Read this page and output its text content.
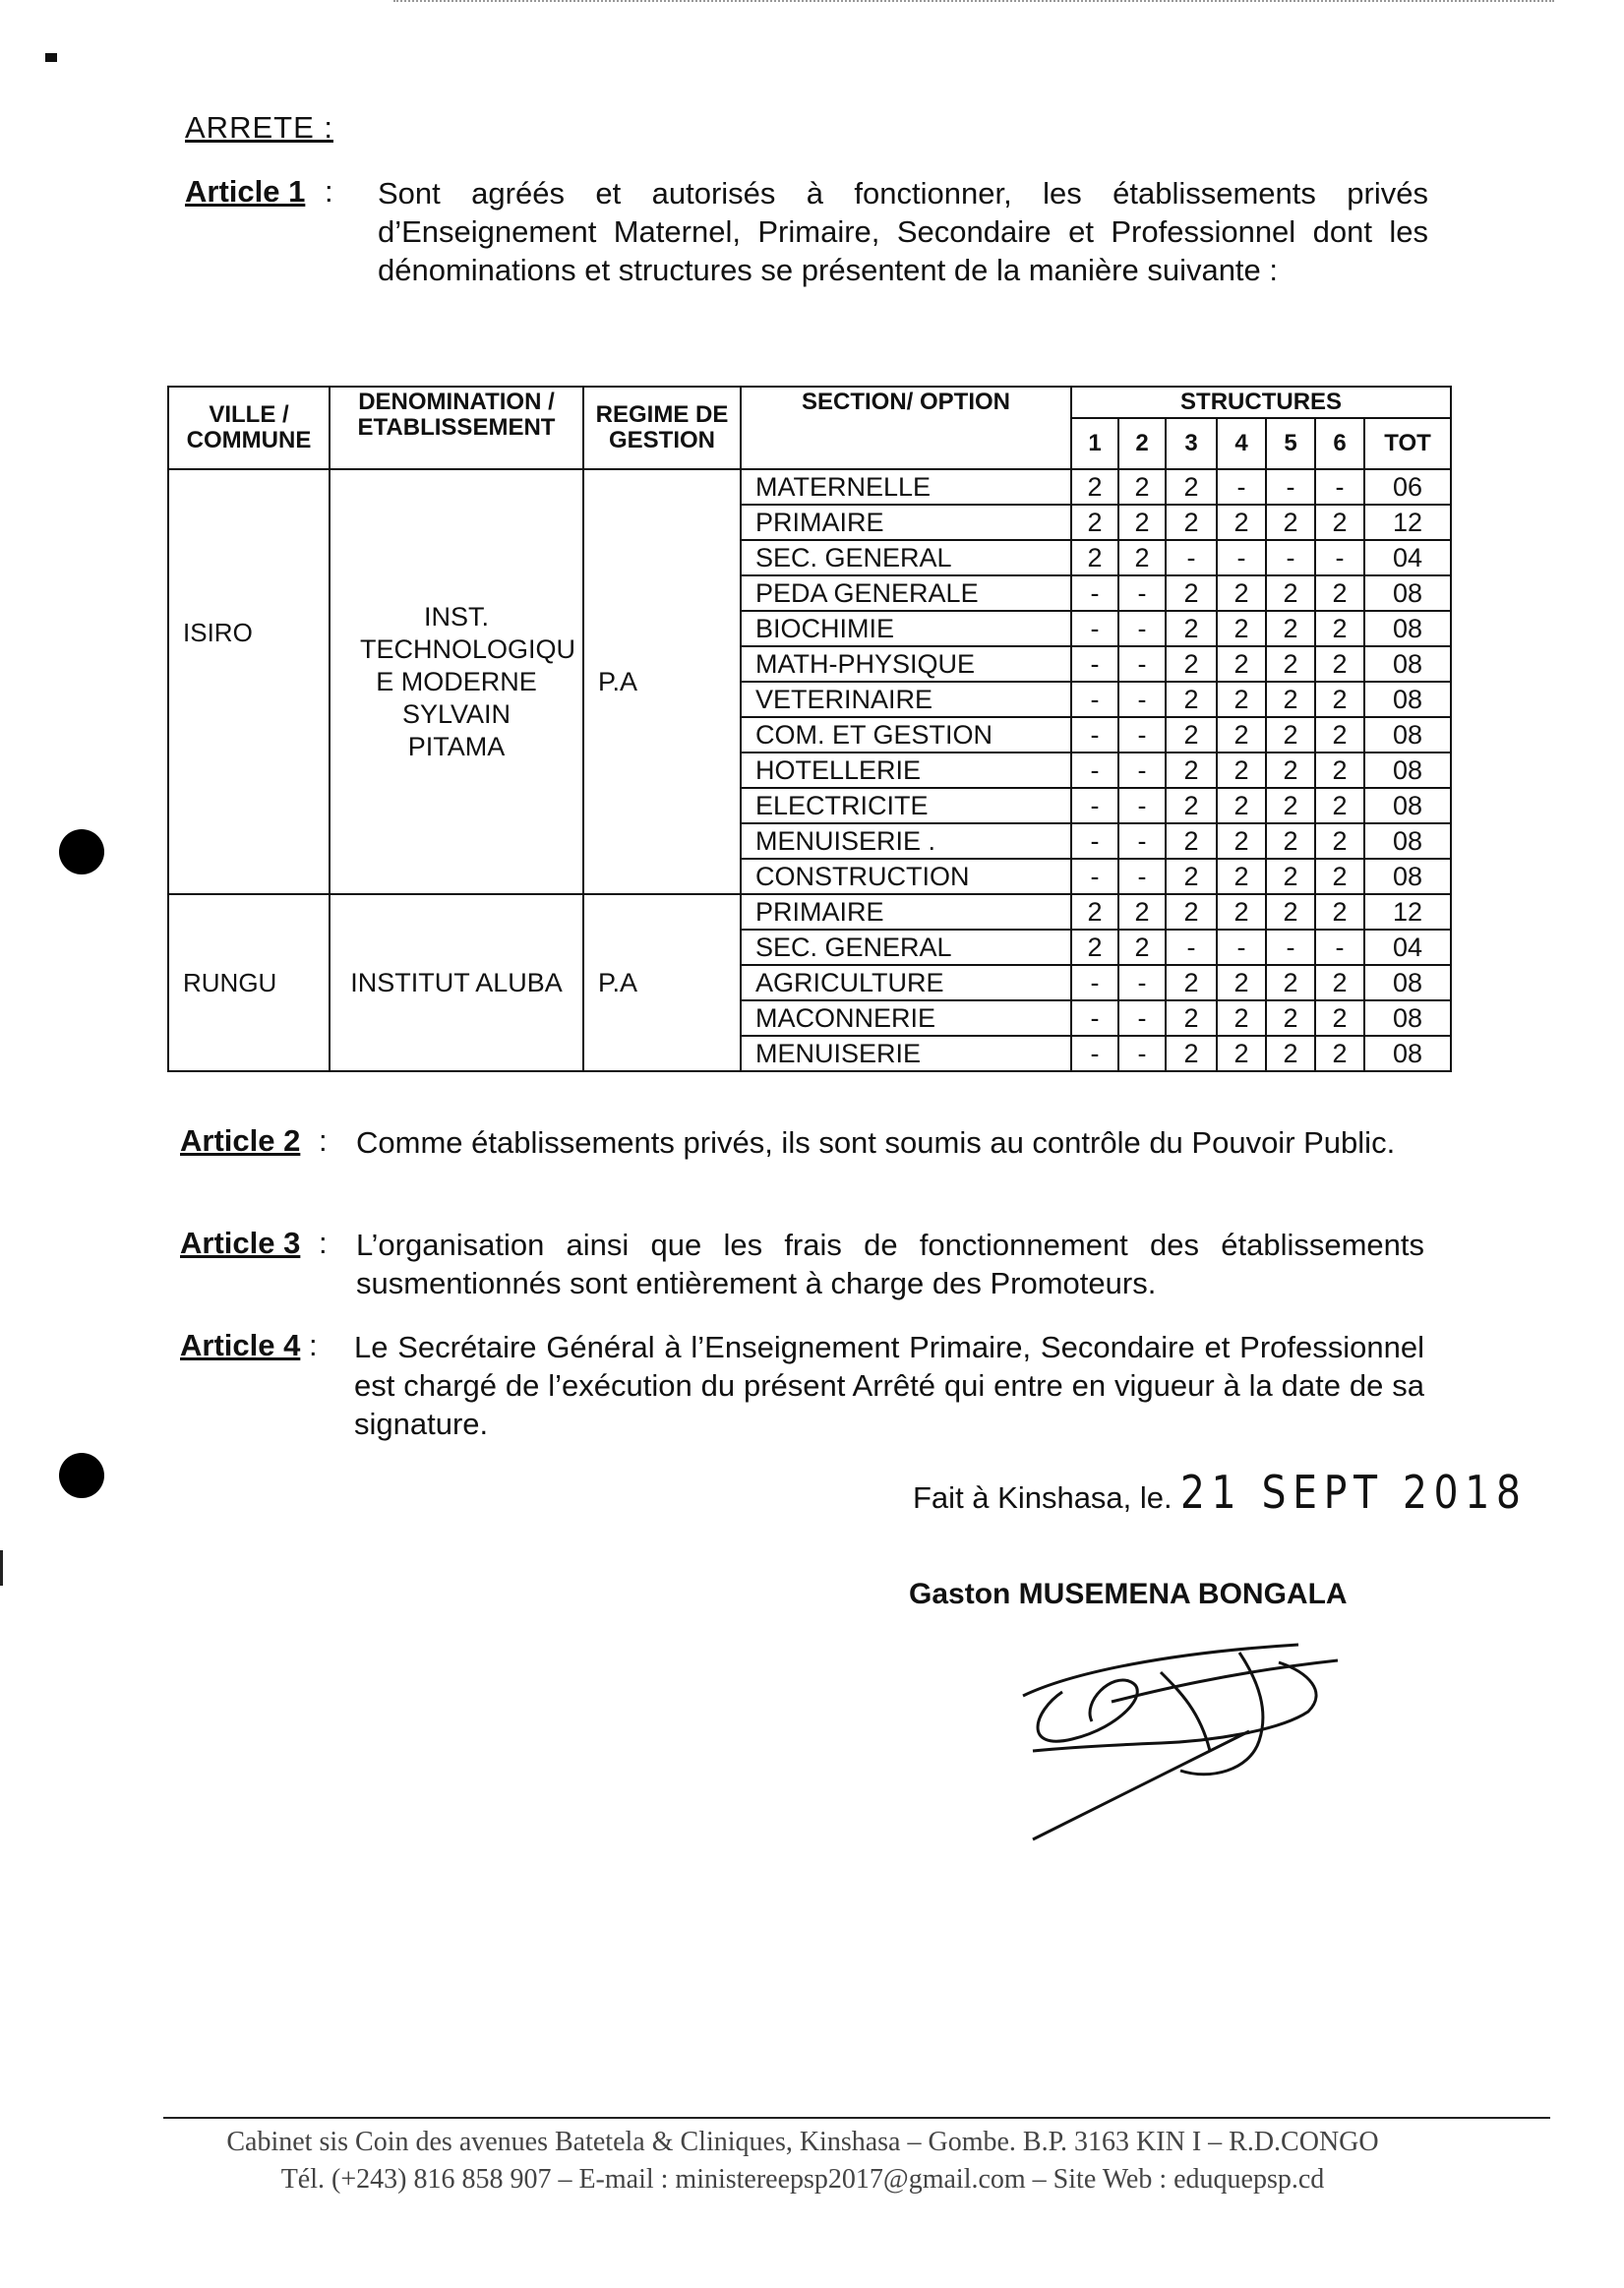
ARRETE :
Article 1 : Sont agréés et autorisés à fonctionner, les établissements privés d’Enseignement Maternel, Primaire, Secondaire et Professionnel dont les dénominations et structures se présentent de la manière suivante :
VILLE / COMMUNE	DENOMINATION / ETABLISSEMENT	REGIME DE GESTION	SECTION/ OPTION	STRUCTURES						
				1	2	3	4	5	6	TOT
ISIRO	INST. TECHNOLOGIQU E MODERNE SYLVAIN PITAMA	P.A	MATERNELLE	2	2	2	-	-	-	06
			PRIMAIRE	2	2	2	2	2	2	12
			SEC. GENERAL	2	2	-	-	-	-	04
			PEDA GENERALE	-	-	2	2	2	2	08
			BIOCHIMIE	-	-	2	2	2	2	08
			MATH-PHYSIQUE	-	-	2	2	2	2	08
			VETERINAIRE	-	-	2	2	2	2	08
			COM. ET GESTION	-	-	2	2	2	2	08
			HOTELLERIE	-	-	2	2	2	2	08
			ELECTRICITE	-	-	2	2	2	2	08
			MENUISERIE .	-	-	2	2	2	2	08
			CONSTRUCTION	-	-	2	2	2	2	08
RUNGU	INSTITUT ALUBA	P.A	PRIMAIRE	2	2	2	2	2	2	12
			SEC. GENERAL	2	2	-	-	-	-	04
			AGRICULTURE	-	-	2	2	2	2	08
			MACONNERIE	-	-	2	2	2	2	08
			MENUISERIE	-	-	2	2	2	2	08
Article 2 : Comme établissements privés, ils sont soumis au contrôle du Pouvoir Public.
Article 3 : L’organisation ainsi que les frais de fonctionnement des établissements susmentionnés sont entièrement à charge des Promoteurs.
Article 4 : Le Secrétaire Général à l’Enseignement Primaire, Secondaire et Professionnel est chargé de l’exécution du présent Arrêté qui entre en vigueur à la date de sa signature.
Fait à Kinshasa, le. 21 SEPT 2018
Gaston MUSEMENA BONGALA
Cabinet sis Coin des avenues Batetela & Cliniques, Kinshasa – Gombe. B.P. 3163 KIN I – R.D.CONGO
Tél. (+243) 816 858 907 – E-mail : ministereepsp2017@gmail.com – Site Web : eduquepsp.cd
